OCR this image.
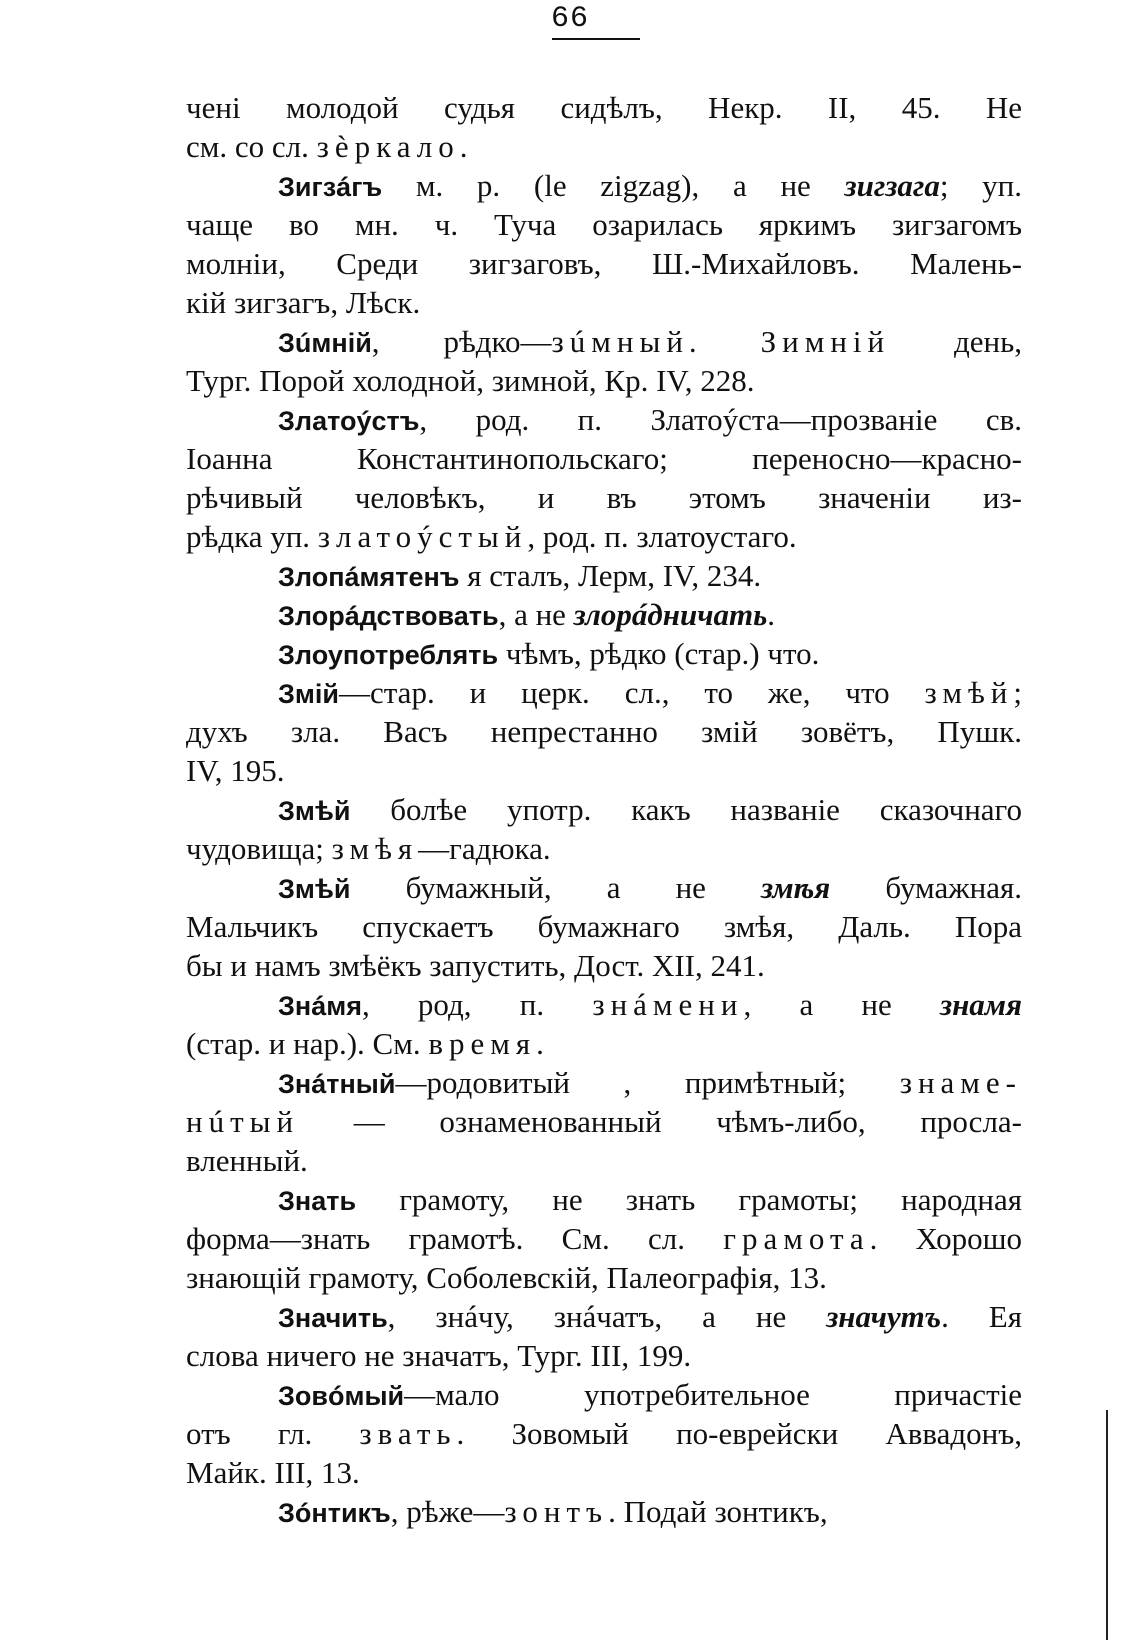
66
чені молодой судья сидѣлъ, Некр. II, 45. Не
см. со сл. зѐркало.
Зигзáгъ м. р. (le zigzag), а не зигзага; уп.
чаще во мн. ч. Туча озарилась яркимъ зигзагомъ
молніи, Среди зигзаговъ, Ш.-Михайловъ. Малень-
кій зигзагъ, Лѣск.
Зúмній, рѣдко—зúмный. Зимній день,
Тург. Порой холодной, зимной, Кр. IV, 228.
Златоýстъ, род. п. Златоýста—прозваніе св.
Іоанна Константинопольскаго; переносно—красно-
рѣчивый человѣкъ, и въ этомъ значеніи из-
рѣдка уп. златоýстый, род. п. златоустаго.
Злопáмятенъ я сталъ, Лерм, IV, 234.
Злорáдствовать, а не злорáдничать.
Злоупотреблять чѣмъ, рѣдко (стар.) что.
Змій—стар. и церк. сл., то же, что змѣй;
духъ зла. Васъ непрестанно змій зовётъ, Пушк.
IV, 195.
Змѣй болѣе употр. какъ названіе сказочнаго
чудовища; змѣя—гадюка.
Змѣй бумажный, а не змѣя бумажная.
Мальчикъ спускаетъ бумажнаго змѣя, Даль. Пора
бы и намъ змѣёкъ запустить, Дост. XII, 241.
Знáмя, род, п. знáмени, а не знамя
(стар. и нар.). См. время.
Знáтный—родовитый , примѣтный; знаме-
нúтый — ознаменованный чѣмъ-либо, просла-
вленный.
Знать грамоту, не знать грамоты; народная
форма—знать грамотѣ. См. сл. грамота. Хорошо
знающій грамоту, Соболевскій, Палеографія, 13.
Значить, знáчу, знáчатъ, а не значутъ. Ея
слова ничего не значатъ, Тург. III, 199.
Зовóмый—мало употребительное причастіе
отъ гл. звать. Зовомый по-еврейски Аввадонъ,
Майк. III, 13.
Зóнтикъ, рѣже—зонтъ. Подай зонтикъ,
